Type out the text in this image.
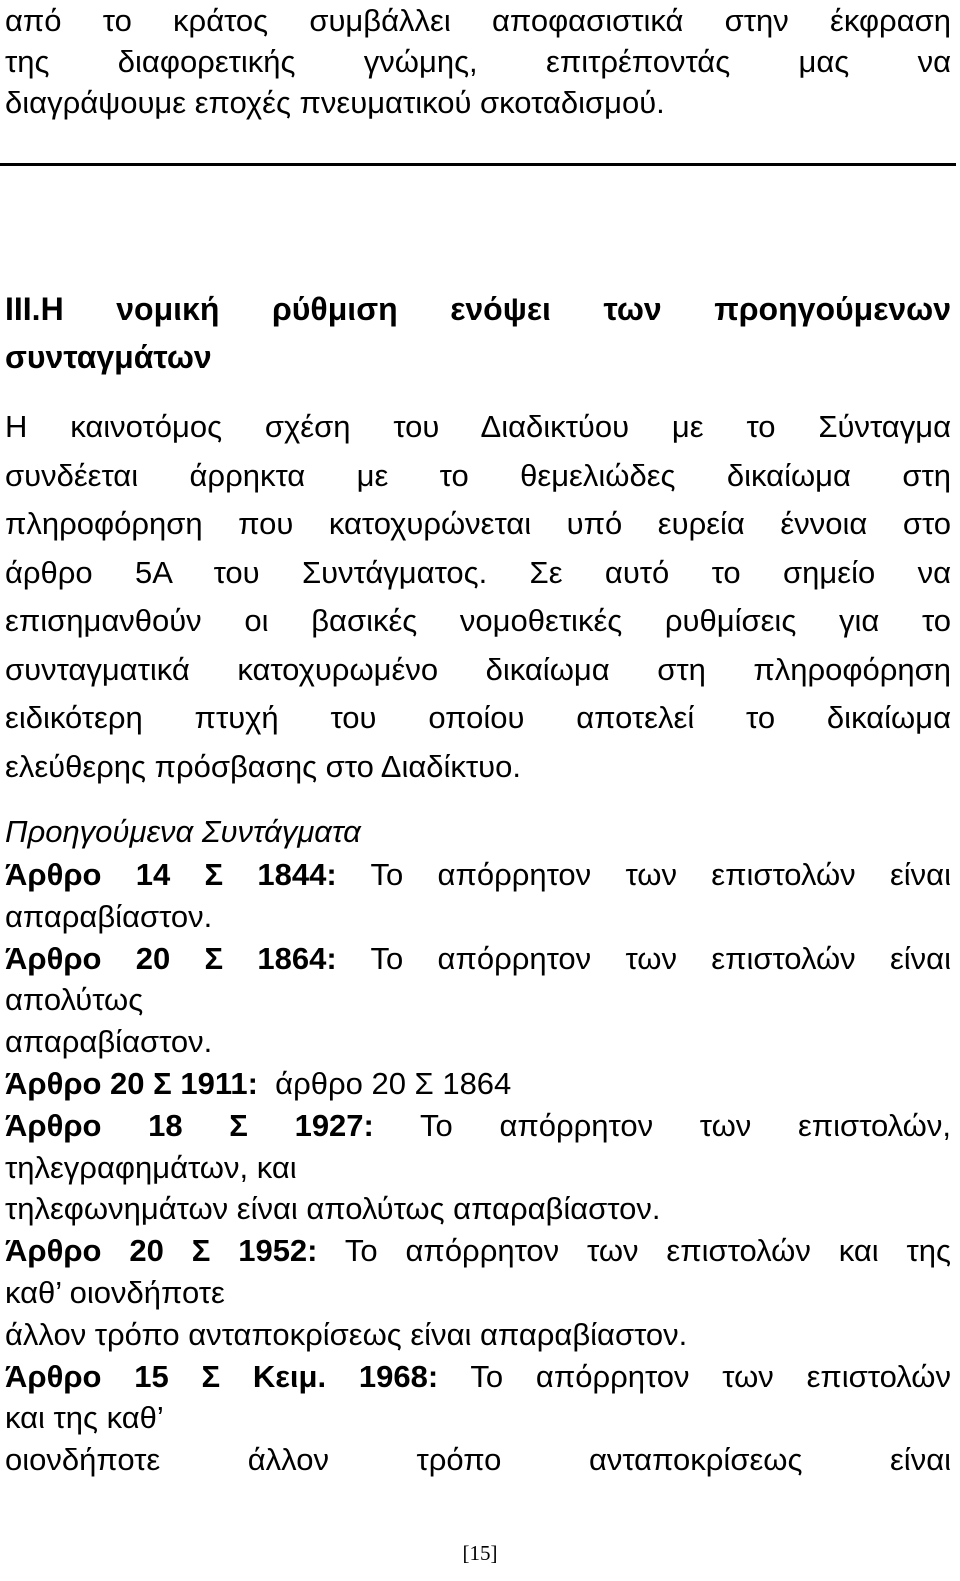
από το κράτος συμβάλλει αποφασιστικά στην έκφραση
της διαφορετικής γνώμης, επιτρέποντάς μας να
διαγράψουμε εποχές πνευματικού σκοταδισμού.
III.Η νομική ρύθμιση ενόψει των προηγούμενων
συνταγμάτων
Η καινοτόμος σχέση του Διαδικτύου με το Σύνταγμα
συνδέεται άρρηκτα με το θεμελιώδες δικαίωμα στη
πληροφόρηση που κατοχυρώνεται υπό ευρεία έννοια στο
άρθρο 5Α του Συντάγματος. Σε αυτό το σημείο να
επισημανθούν οι βασικές νομοθετικές ρυθμίσεις για το
συνταγματικά κατοχυρωμένο δικαίωμα στη πληροφόρηση
ειδικότερη πτυχή του οποίου αποτελεί το δικαίωμα
ελεύθερης πρόσβασης στο Διαδίκτυο.
Προηγούμενα Συντάγματα
Άρθρο 14 Σ 1844: Το απόρρητον των επιστολών είναι
απαραβίαστον.
Άρθρο 20 Σ 1864: Το απόρρητον των επιστολών είναι
απολύτως
απαραβίαστον.
Άρθρο 20 Σ 1911: άρθρο 20 Σ 1864
Άρθρο 18 Σ 1927: Το απόρρητον των επιστολών,
τηλεγραφημάτων, και
τηλεφωνημάτων είναι απολύτως απαραβίαστον.
Άρθρο 20 Σ 1952: Το απόρρητον των επιστολών και της
καθ’ οιονδήποτε
άλλον τρόπο ανταποκρίσεως είναι απαραβίαστον.
Άρθρο 15 Σ Κειμ. 1968: Το απόρρητον των επιστολών
και της καθ’
οιονδήποτε άλλον τρόπο ανταποκρίσεως είναι
[15]
